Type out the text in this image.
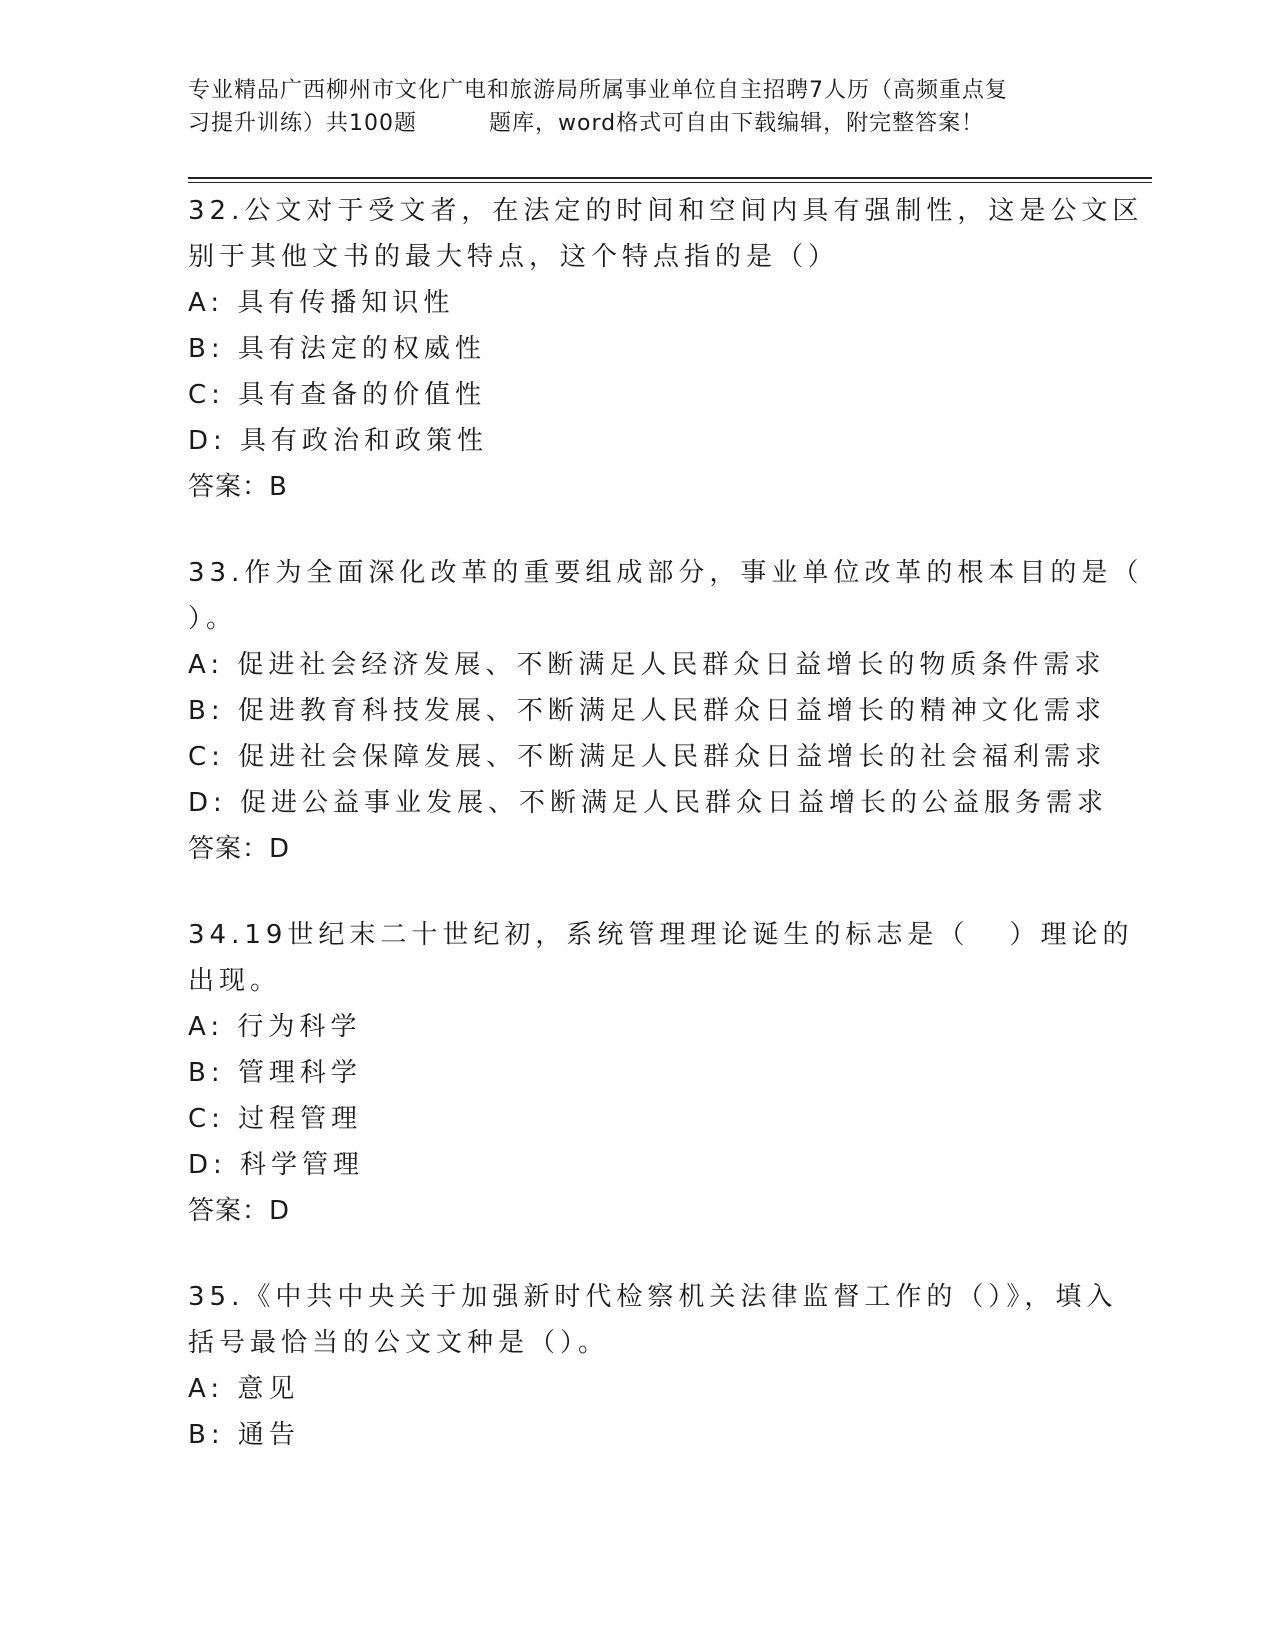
专业精品广西柳州市文化广电和旅游局所属事业单位自主招聘7人历（高频重点复
习提升训练）共100题	题库，word格式可自由下载编辑，附完整答案！
32.公文对于受文者，在法定的时间和空间内具有强制性，这是公文区
别于其他文书的最大特点，这个特点指的是（）
A: 具有传播知识性
B: 具有法定的权威性
C: 具有查备的价值性
D: 具有政治和政策性
答案：B
33.作为全面深化改革的重要组成部分，事业单位改革的根本目的是（
）。
A: 促进社会经济发展、不断满足人民群众日益增长的物质条件需求
B: 促进教育科技发展、不断满足人民群众日益增长的精神文化需求
C: 促进社会保障发展、不断满足人民群众日益增长的社会福利需求
D: 促进公益事业发展、不断满足人民群众日益增长的公益服务需求
答案：D
34.19世纪末二十世纪初，系统管理理论诞生的标志是（ ）理论的
出现。
A: 行为科学
B: 管理科学
C: 过程管理
D: 科学管理
答案：D
35.《中共中央关于加强新时代检察机关法律监督工作的（）》，填入
括号最恰当的公文文种是（）。
A: 意见
B: 通告
